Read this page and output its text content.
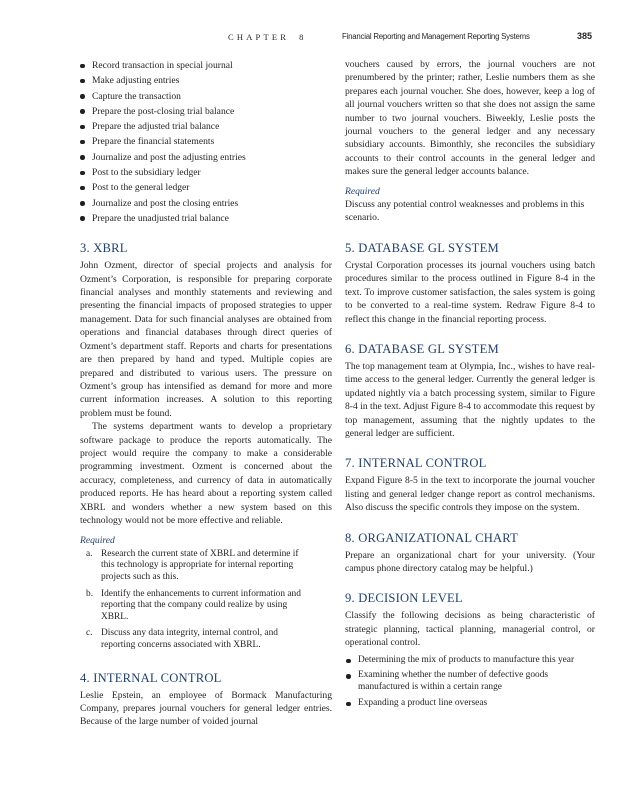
CHAPTER 8	Financial Reporting and Management Reporting Systems	385
Record transaction in special journal
Make adjusting entries
Capture the transaction
Prepare the post-closing trial balance
Prepare the adjusted trial balance
Prepare the financial statements
Journalize and post the adjusting entries
Post to the subsidiary ledger
Post to the general ledger
Journalize and post the closing entries
Prepare the unadjusted trial balance
3. XBRL

John Ozment, director of special projects and analysis for Ozment’s Corporation, is responsible for preparing corporate financial analyses and monthly statements and reviewing and presenting the financial impacts of proposed strategies to upper management. Data for such financial analyses are obtained from operations and financial databases through direct queries of Ozment’s department staff. Reports and charts for presentations are then prepared by hand and typed. Multiple copies are prepared and distributed to various users. The pressure on Ozment’s group has intensified as demand for more and more current information increases. A solution to this reporting problem must be found.

The systems department wants to develop a proprietary software package to produce the reports automatically. The project would require the company to make a considerable programming investment. Ozment is concerned about the accuracy, completeness, and currency of data in automatically produced reports. He has heard about a reporting system called XBRL and wonders whether a new system based on this technology would not be more effective and reliable.

Required
a. Research the current state of XBRL and determine if this technology is appropriate for internal reporting projects such as this.
b. Identify the enhancements to current information and reporting that the company could realize by using XBRL.
c. Discuss any data integrity, internal control, and reporting concerns associated with XBRL.
4. INTERNAL CONTROL

Leslie Epstein, an employee of Bormack Manufacturing Company, prepares journal vouchers for general ledger entries. Because of the large number of voided journal

vouchers caused by errors, the journal vouchers are not prenumbered by the printer; rather, Leslie numbers them as she prepares each journal voucher. She does, however, keep a log of all journal vouchers written so that she does not assign the same number to two journal vouchers. Biweekly, Leslie posts the journal vouchers to the general ledger and any necessary subsidiary accounts. Bimonthly, she reconciles the subsidiary accounts to their control accounts in the general ledger and makes sure the general ledger accounts balance.

Required

Discuss any potential control weaknesses and problems in this scenario.

5. DATABASE GL SYSTEM

Crystal Corporation processes its journal vouchers using batch procedures similar to the process outlined in Figure 8-4 in the text. To improve customer satisfaction, the sales system is going to be converted to a real-time system. Redraw Figure 8-4 to reflect this change in the financial reporting process.

6. DATABASE GL SYSTEM

The top management team at Olympia, Inc., wishes to have real-time access to the general ledger. Currently the general ledger is updated nightly via a batch processing system, similar to Figure 8-4 in the text. Adjust Figure 8-4 to accommodate this request by top management, assuming that the nightly updates to the general ledger are sufficient.

7. INTERNAL CONTROL

Expand Figure 8-5 in the text to incorporate the journal voucher listing and general ledger change report as control mechanisms. Also discuss the specific controls they impose on the system.

8. ORGANIZATIONAL CHART

Prepare an organizational chart for your university. (Your campus phone directory catalog may be helpful.)

9. DECISION LEVEL

Classify the following decisions as being characteristic of strategic planning, tactical planning, managerial control, or operational control.

Determining the mix of products to manufacture this year
Examining whether the number of defective goods manufactured is within a certain range
Expanding a product line overseas
